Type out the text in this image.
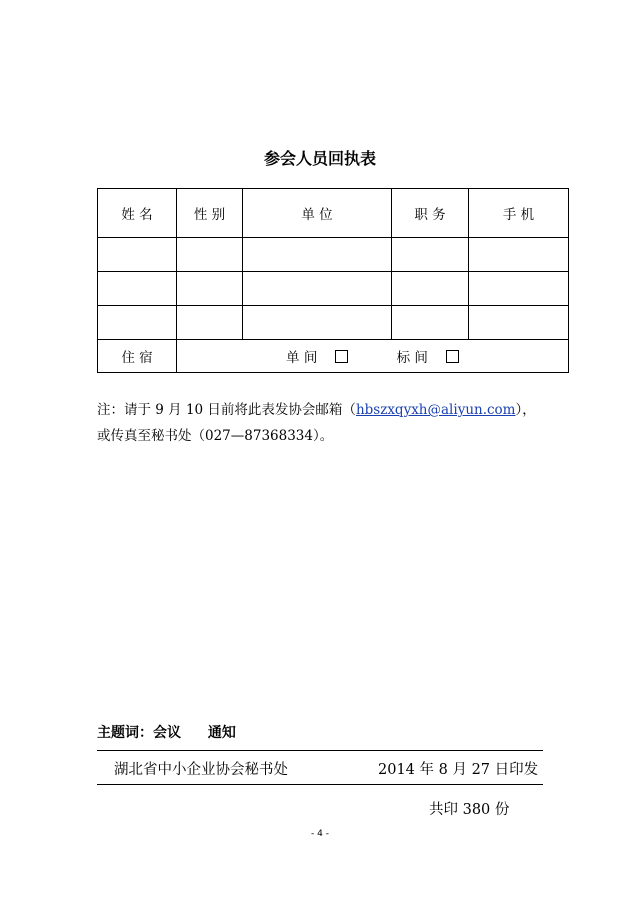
参会人员回执表
姓 名	性 别	单 位	职 务	手 机

住 宿	单 间 标 间			
注：请于 9 月 10 日前将此表发协会邮箱（hbszxqyxh@aliyun.com），
或传真至秘书处（027—87368334）。
主题词：会议 通知
湖北省中小企业协会秘书处	2014 年 8 月 27 日印发
共印 380 份
- 4 -
